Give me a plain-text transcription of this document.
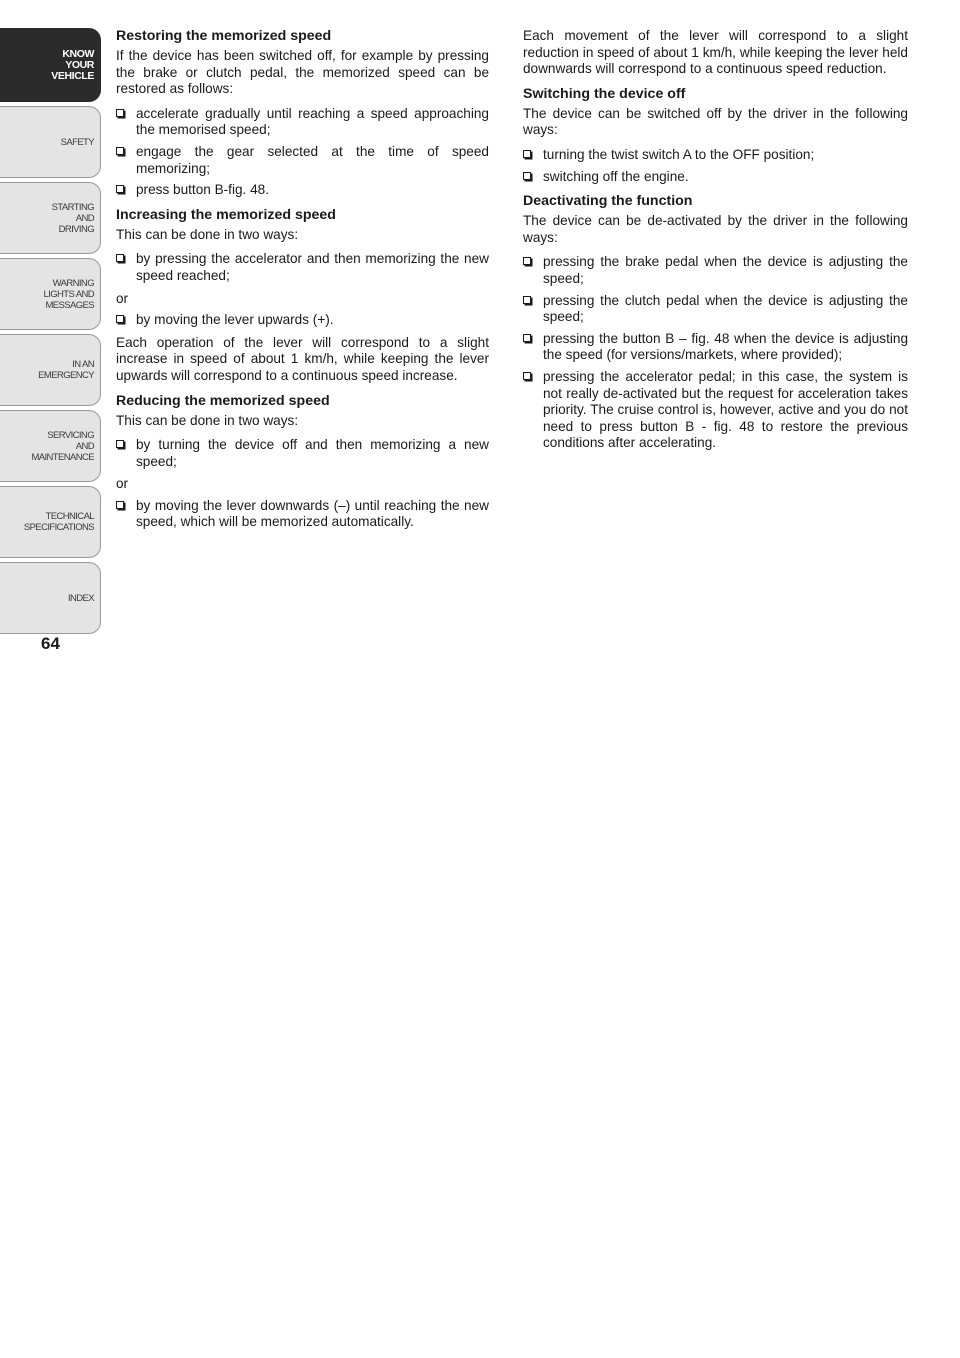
KNOW
YOUR
VEHICLE
SAFETY
STARTING
AND
DRIVING
WARNING
LIGHTS AND
MESSAGES
IN AN
EMERGENCY
SERVICING
AND
MAINTENANCE
TECHNICAL
SPECIFICATIONS
INDEX
64
Restoring the memorized speed

If the device has been switched off, for example by pressing the brake or clutch pedal, the memorized speed can be restored as follows:

accelerate gradually until reaching a speed approaching the memorised speed;
engage the gear selected at the time of speed memorizing;
press button B-fig. 48.
Increasing the memorized speed

This can be done in two ways:

by pressing the accelerator and then memorizing the new speed reached;

or

by moving the lever upwards (+).

Each operation of the lever will correspond to a slight increase in speed of about 1 km/h, while keeping the lever upwards will correspond to a continuous speed increase.

Reducing the memorized speed

This can be done in two ways:

by turning the device off and then memorizing a new speed;

or

by moving the lever downwards (–) until reaching the new speed, which will be memorized automatically.

Each movement of the lever will correspond to a slight reduction in speed of about 1 km/h, while keeping the lever held downwards will correspond to a continuous speed reduction.

Switching the device off

The device can be switched off by the driver in the following ways:

turning the twist switch A to the OFF position;
switching off the engine.
Deactivating the function

The device can be de-activated by the driver in the following ways:

pressing the brake pedal when the device is adjusting the speed;
pressing the clutch pedal when the device is adjusting the speed;
pressing the button B – fig. 48 when the device is adjusting the speed (for versions/markets, where provided);
pressing the accelerator pedal; in this case, the system is not really de-activated but the request for acceleration takes priority. The cruise control is, however, active and you do not need to press button B - fig. 48 to restore the previous conditions after accelerating.
